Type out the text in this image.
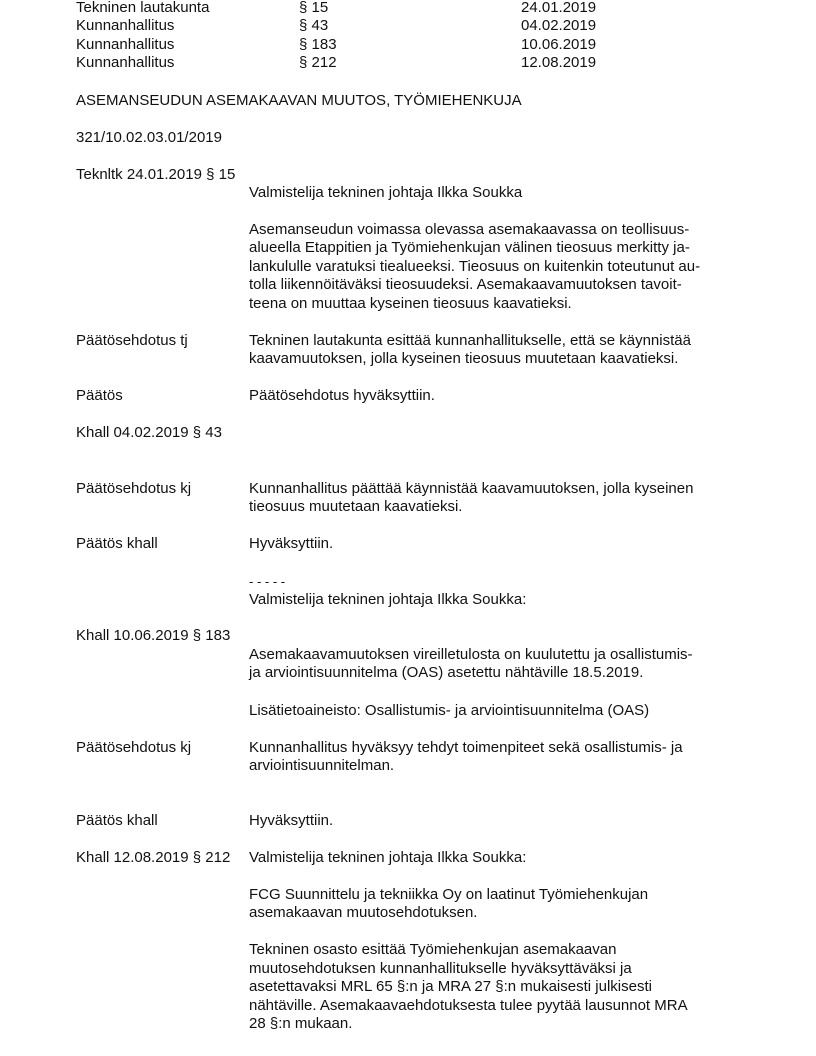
Tekninen lautakunta	§ 15	24.01.2019

Kunnanhallitus	§ 43	04.02.2019

Kunnanhallitus	§ 183	10.06.2019

Kunnanhallitus	§ 212	12.08.2019

ASEMANSEUDUN ASEMAKAAVAN MUUTOS, TYÖMIEHENKUJA

321/10.02.03.01/2019

Teknltk 24.01.2019 § 15

Valmistelija tekninen johtaja Ilkka Soukka

Asemanseudun voimassa olevassa asemakaavassa on teollisuus-

alueella Etappitien ja Työmiehenkujan välinen tieosuus merkitty ja-

lankululle varatuksi tiealueeksi. Tieosuus on kuitenkin toteutunut au-

tolla liikennöitäväksi tieosuudeksi. Asemakaavamuutoksen tavoit-

teena on muuttaa kyseinen tieosuus kaavatieksi.

Päätösehdotus tj	Tekninen lautakunta esittää kunnanhallitukselle, että se käynnistää

kaavamuutoksen, jolla kyseinen tieosuus muutetaan kaavatieksi.

Päätös	Päätösehdotus hyväksyttiin.

Khall 04.02.2019 § 43

Päätösehdotus kj	Kunnanhallitus päättää käynnistää kaavamuutoksen, jolla kyseinen

tieosuus muutetaan kaavatieksi.

Päätös khall	Hyväksyttiin.

- - - - -

Valmistelija tekninen johtaja Ilkka Soukka:

Khall 10.06.2019 § 183

Asemakaavamuutoksen vireilletulosta on kuulutettu ja osallistumis-

ja arviointisuunnitelma (OAS) asetettu nähtäville 18.5.2019.

Lisätietoaineisto: Osallistumis- ja arviointisuunnitelma (OAS)

Päätösehdotus kj	Kunnanhallitus hyväksyy tehdyt toimenpiteet sekä osallistumis- ja

arviointisuunnitelman.

Päätös khall	Hyväksyttiin.

Khall 12.08.2019 § 212 Valmistelija tekninen johtaja Ilkka Soukka:

FCG Suunnittelu ja tekniikka Oy on laatinut Työmiehenkujan

asemakaavan muutosehdotuksen.

Tekninen osasto esittää Työmiehenkujan asemakaavan

muutosehdotuksen kunnanhallitukselle hyväksyttäväksi ja

asetettavaksi MRL 65 §:n ja MRA 27 §:n mukaisesti julkisesti

nähtäville. Asemakaavaehdotuksesta tulee pyytää lausunnot MRA

28 §:n mukaan.
